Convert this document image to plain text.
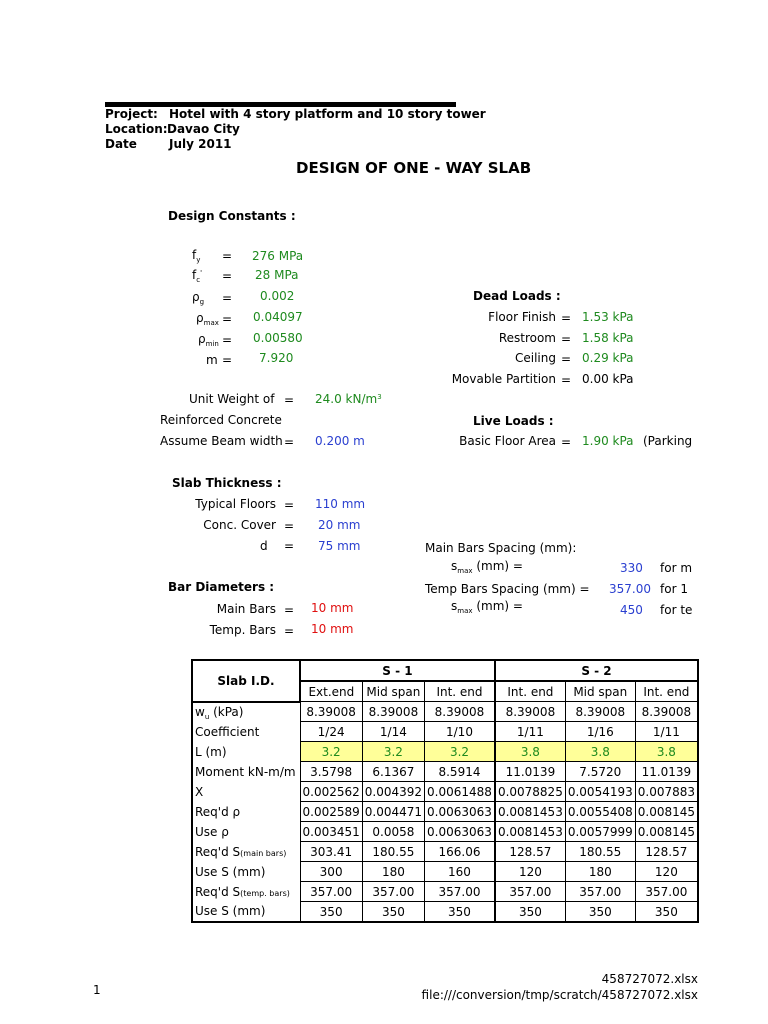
Project: Hotel with 4 story platform and 10 story tower
Location: Davao City
Date	July 2011
DESIGN OF ONE - WAY SLAB
Design Constants :
$f_y = 276$ MPa
$f_c' = 28$ MPa
$\rho_g = 0.002$
$\rho_{max} = 0.04097$
$\rho_{min} = 0.00580$
m = 7.920
Unit Weight of = 24.0 $kN/m^3$
Reinforced Concrete
Assume Beam width = 0.200 m
Dead Loads :
Floor Finish = 1.53 kPa
Restroom = 1.58 kPa
Ceiling = 0.29 kPa
Movable Partition = 0.00 kPa
Live Loads :
Basic Floor Area = 1.90 kPa (Parking
Slab Thickness :
Typical Floors = 110 mm
Conc. Cover = 20 mm
d = 75 mm
Bar Diameters :
Main Bars = 10 mm
Temp. Bars = 10 mm
Main Bars Spacing (mm):
$s_{max}$ (mm) =	330 for m
Temp Bars Spacing (mm) = 357.00 for 1
$s_{max}$ (mm) =	450 for te
Slab I.D.	S - 1			S - 2		
	Ext.end	Mid span	Int. end	Int. end	Mid span	Int. end
$w_u$ (kPa)	8.39008	8.39008	8.39008	8.39008	8.39008	8.39008
Coefficient	1/24	1/14	1/10	1/11	1/16	1/11
L (m)	3.2	3.2	3.2	3.8	3.8	3.8
Moment kN-m/m	3.5798	6.1367	8.5914	11.0139	7.5720	11.0139
X	0.002562	0.004392	0.0061488	0.0078825	0.0054193	0.007883
Req'd ρ	0.002589	0.004471	0.0063063	0.0081453	0.0055408	0.008145
Use ρ	0.003451	0.0058	0.0063063	0.0081453	0.0057999	0.008145
Req'd S(main bars)	303.41	180.55	166.06	128.57	180.55	128.57
Use S (mm)	300	180	160	120	180	120
Req'd S(temp. bars)	357.00	357.00	357.00	357.00	357.00	357.00
Use S (mm)	350	350	350	350	350	350
1
458727072.xlsx
file:///conversion/tmp/scratch/458727072.xlsx
